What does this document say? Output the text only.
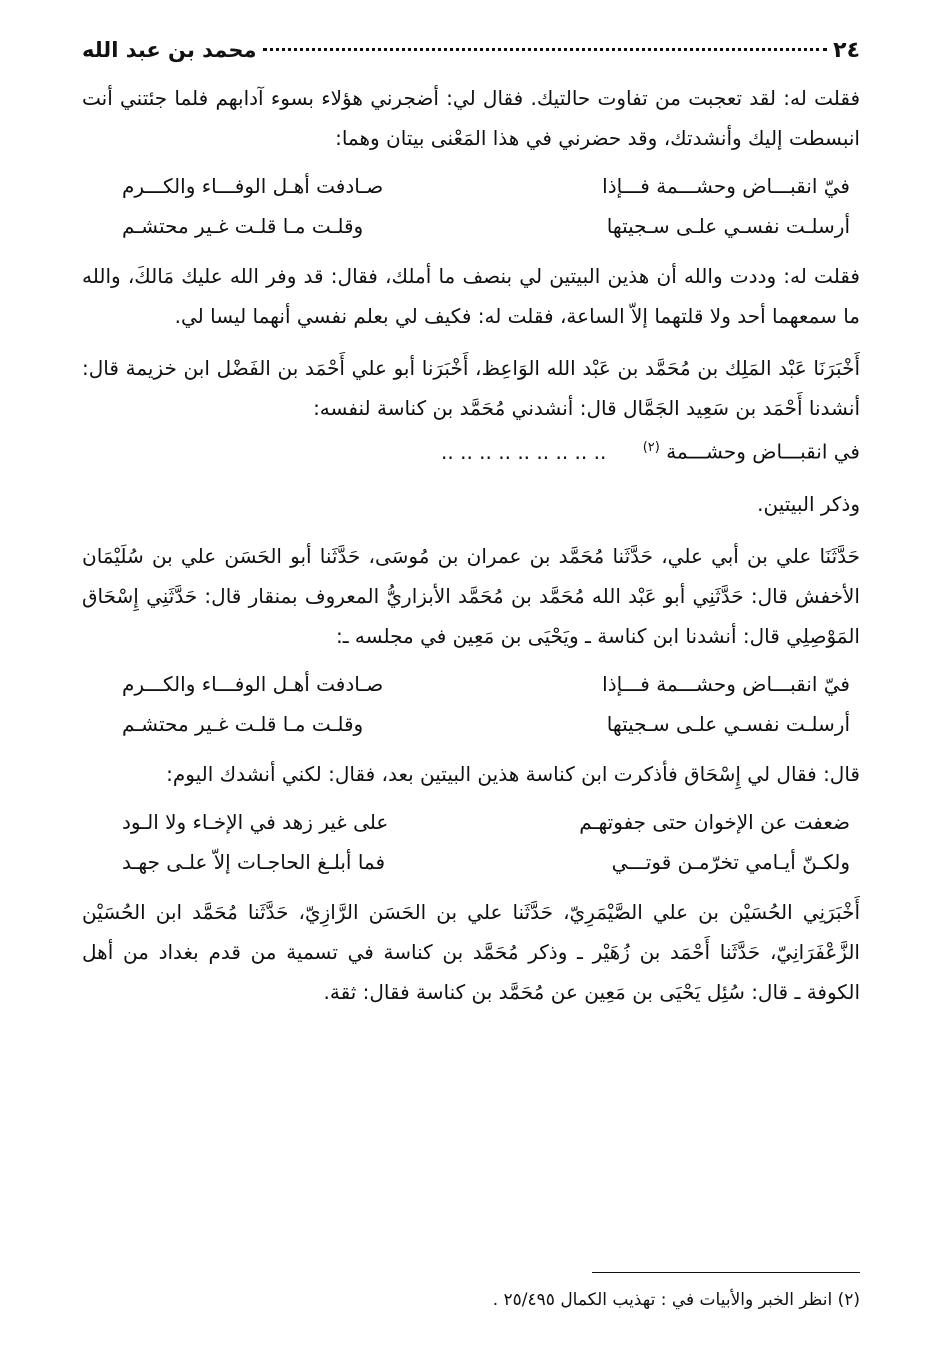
٢٤
محمد بن عبد الله

فقلت له: لقد تعجبت من تفاوت حالتيك. فقال لي: أضجرني هؤلاء بسوء آدابهم فلما جئتني أنت انبسطت إليك وأنشدتك، وقد حضرني في هذا المَعْنى بيتان وهما:

فيّ انقبـــاض وحشـــمة فـــإذا
صـادفت أهـل الوفـــاء والكـــرم
أرسلـت نفسـي علـى سـجيتها
وقلـت مـا قلـت غـير محتشـم

فقلت له: وددت والله أن هذين البيتين لي بنصف ما أملك، فقال: قد وفر الله عليك مَالكَ، والله ما سمعهما أحد ولا قلتهما إلاّ الساعة، فقلت له: فكيف لي بعلم نفسي أنهما ليسا لي.

أَخْبَرَنَا عَبْد المَلِك بن مُحَمَّد بن عَبْد الله الوَاعِظ، أَخْبَرَنا أبو علي أَحْمَد بن الفَضْل ابن خزيمة قال: أنشدنا أَحْمَد بن سَعِيد الجَمَّال قال: أنشدني مُحَمَّد بن كناسة لنفسه:

في انقبـــاض وحشـــمة $^{(٢)}$ .. .. .. .. .. .. .. .. ..

وذكر البيتين.

حَدَّثَنَا علي بن أبي علي، حَدَّثَنا مُحَمَّد بن عمران بن مُوسَى، حَدَّثَنا أبو الحَسَن علي بن سُلَيْمَان الأخفش قال: حَدَّثَنِي أبو عَبْد الله مُحَمَّد بن مُحَمَّد الأبزاريُّ المعروف بمنقار قال: حَدَّثَنِي إِسْحَاق المَوْصِلِي قال: أنشدنا ابن كناسة ـ ويَحْيَى بن مَعِين في مجلسه ـ:

فيّ انقبـــاض وحشـــمة فـــإذا
صـادفت أهـل الوفـــاء والكـــرم
أرسلـت نفسـي علـى سـجيتها
وقلـت مـا قلـت غـير محتشـم

قال: فقال لي إِسْحَاق فأذكرت ابن كناسة هذين البيتين بعد، فقال: لكني أنشدك اليوم:

ضعفت عن الإخوان حتى جفوتهـم
على غير زهد في الإخـاء ولا الـود
ولكـنّ أيـامي تخرّمـن قوتـــي
فما أبلـغ الحاجـات إلاّ علـى جهـد

أَخْبَرَنِي الحُسَيْن بن علي الصَّيْمَرِيّ، حَدَّثَنا علي بن الحَسَن الرَّازِيّ، حَدَّثَنا مُحَمَّد ابن الحُسَيْن الزَّعْفَرَانِيّ، حَدَّثَنا أَحْمَد بن زُهَيْر ـ وذكر مُحَمَّد بن كناسة في تسمية من قدم بغداد من أهل الكوفة ـ قال: سُئِل يَحْيَى بن مَعِين عن مُحَمَّد بن كناسة فقال: ثقة.

(٢) انظر الخبر والأبيات في : تهذيب الكمال ٢٥/٤٩٥ .
